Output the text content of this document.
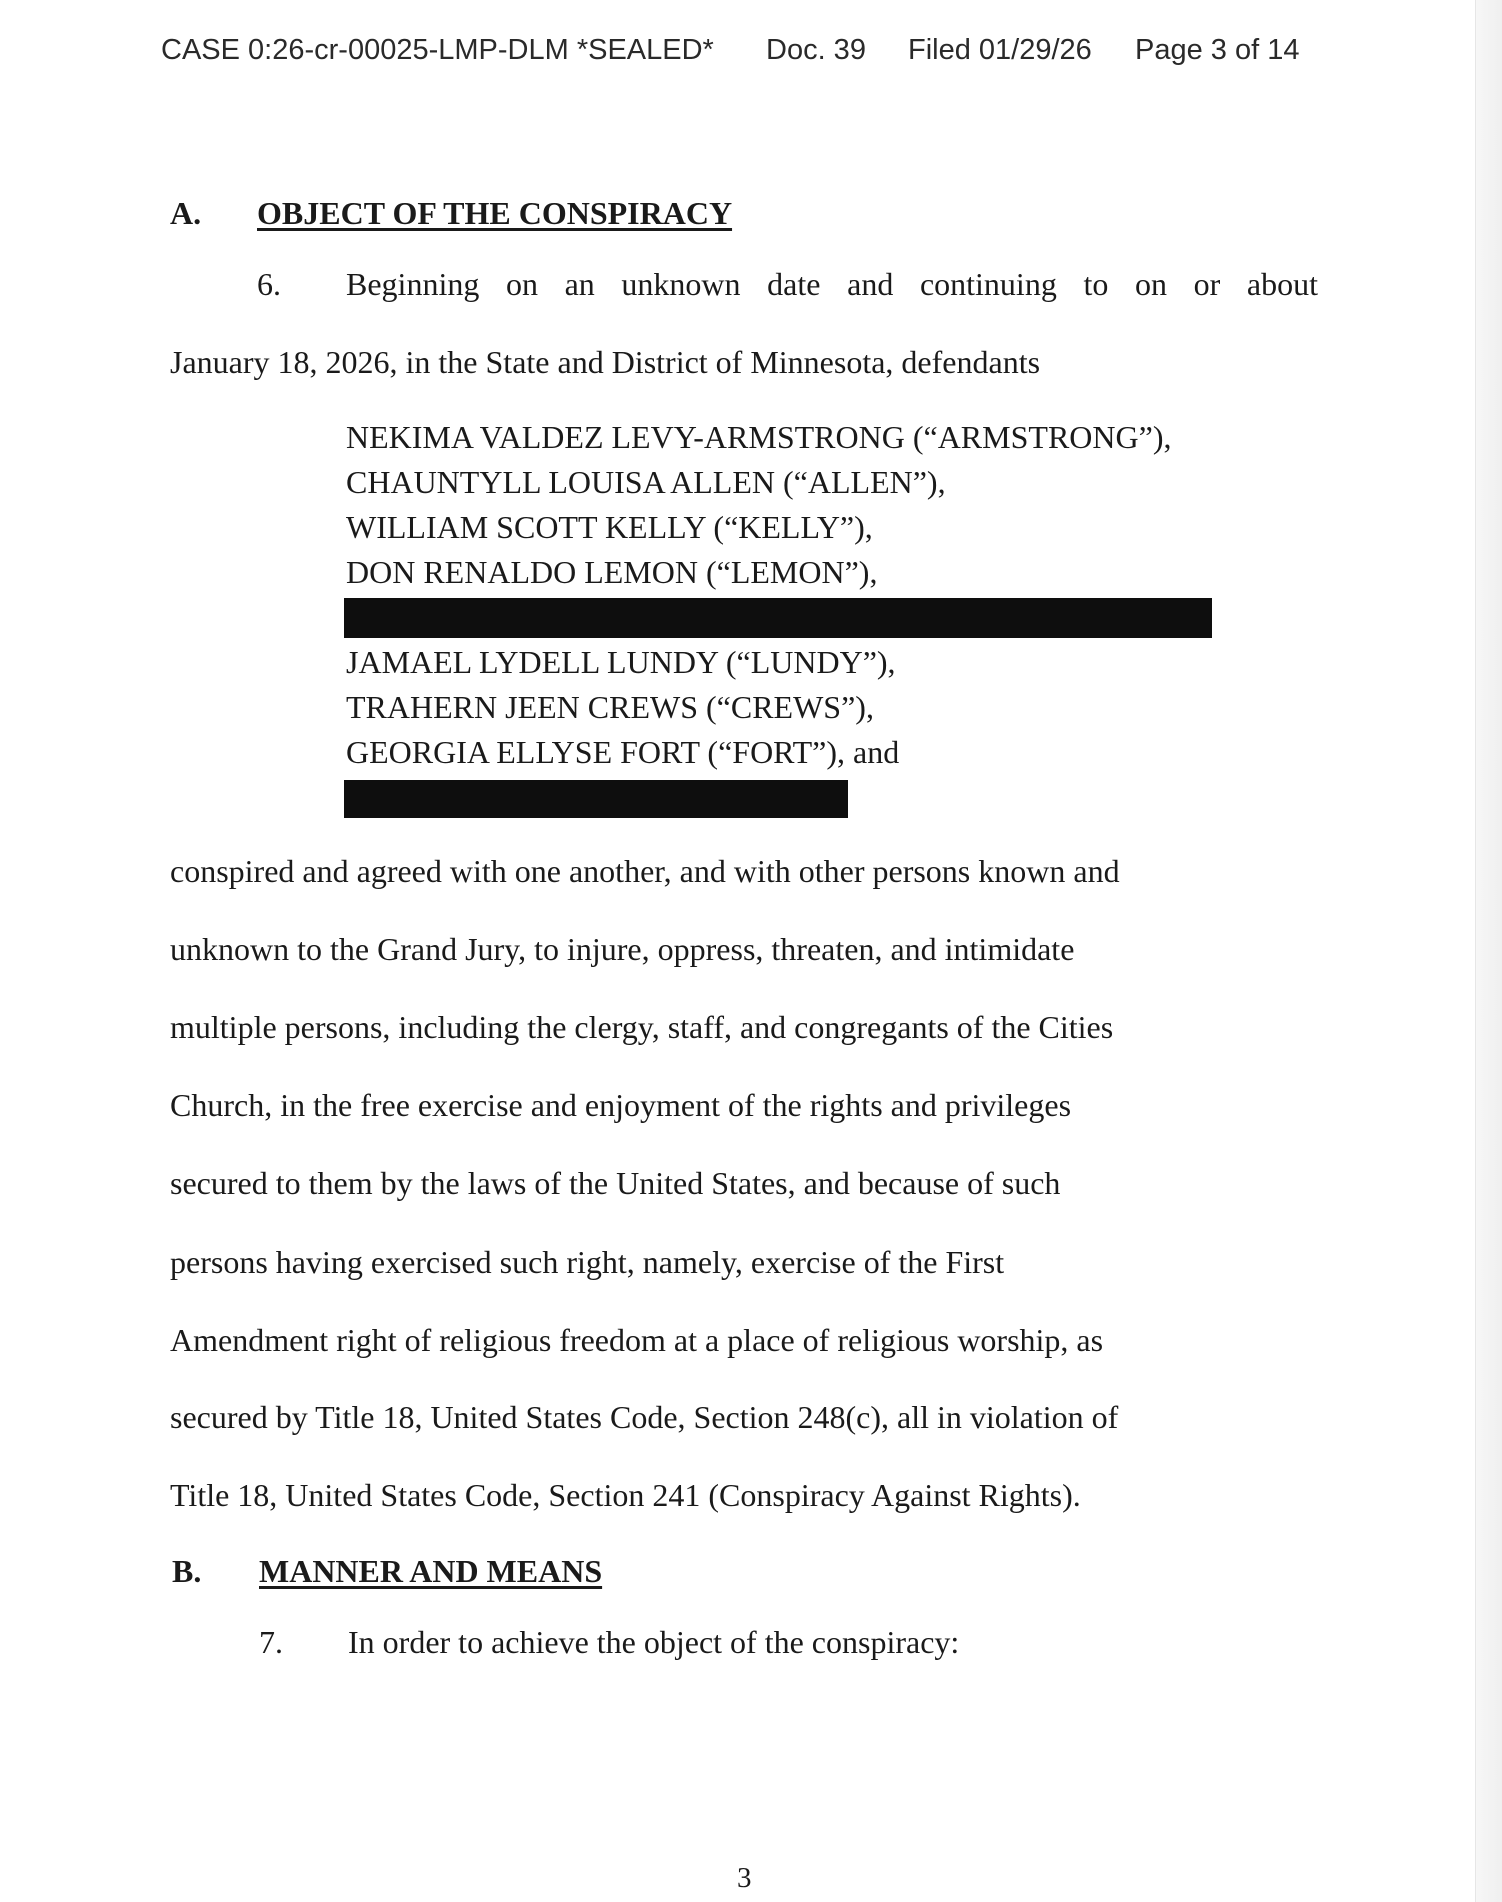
CASE 0:26-cr-00025-LMP-DLM *SEALED* Doc. 39 Filed 01/29/26 Page 3 of 14
A. OBJECT OF THE CONSPIRACY
6. Beginning on an unknown date and continuing to on or about
January 18, 2026, in the State and District of Minnesota, defendants
NEKIMA VALDEZ LEVY-ARMSTRONG (“ARMSTRONG”),
CHAUNTYLL LOUISA ALLEN (“ALLEN”),
WILLIAM SCOTT KELLY (“KELLY”),
DON RENALDO LEMON (“LEMON”),
JAMAEL LYDELL LUNDY (“LUNDY”),
TRAHERN JEEN CREWS (“CREWS”),
GEORGIA ELLYSE FORT (“FORT”), and
conspired and agreed with one another, and with other persons known and
unknown to the Grand Jury, to injure, oppress, threaten, and intimidate
multiple persons, including the clergy, staff, and congregants of the Cities
Church, in the free exercise and enjoyment of the rights and privileges
secured to them by the laws of the United States, and because of such
persons having exercised such right, namely, exercise of the First
Amendment right of religious freedom at a place of religious worship, as
secured by Title 18, United States Code, Section 248(c), all in violation of
Title 18, United States Code, Section 241 (Conspiracy Against Rights).
B. MANNER AND MEANS
7. In order to achieve the object of the conspiracy:
3
